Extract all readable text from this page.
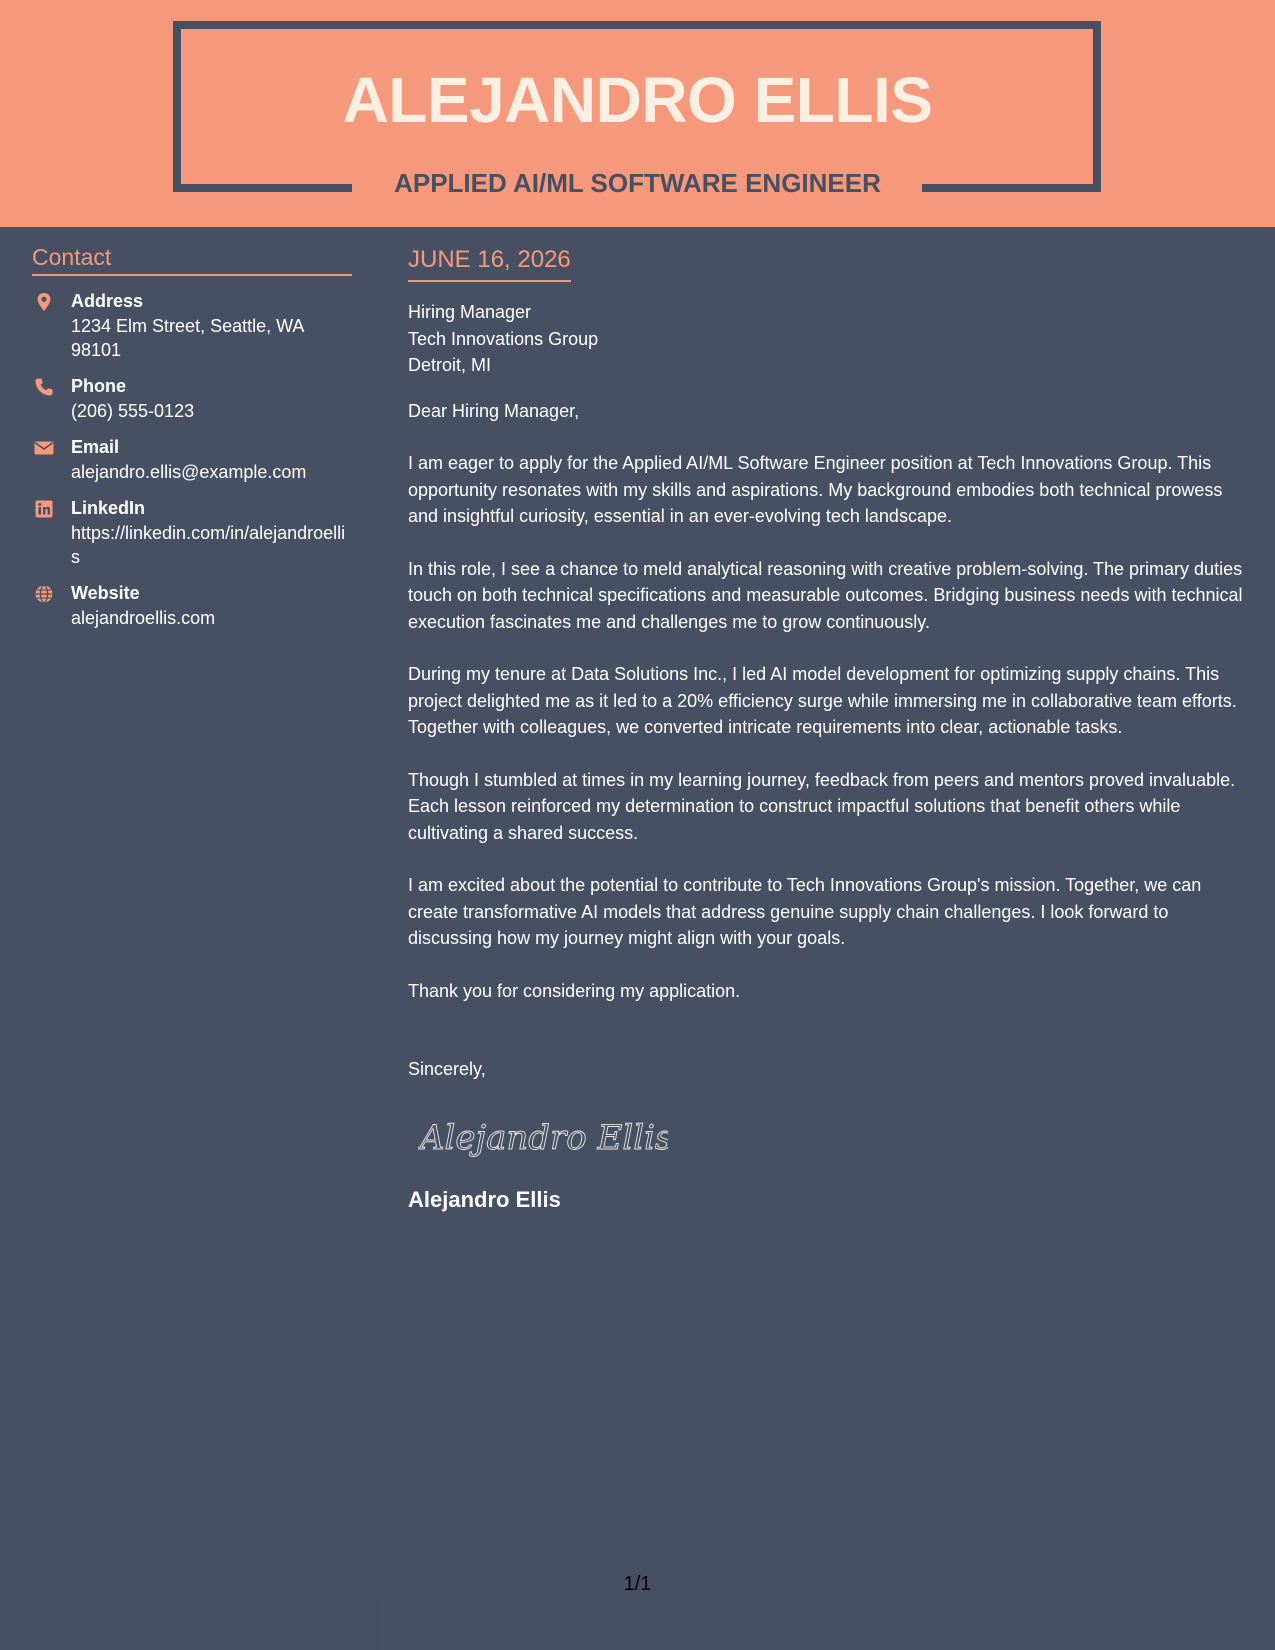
ALEJANDRO ELLIS
APPLIED AI/ML SOFTWARE ENGINEER
Contact
Address
1234 Elm Street, Seattle, WA 98101
Phone
(206) 555-0123
Email
alejandro.ellis@example.com
LinkedIn
https://linkedin.com/in/alejandroellis
Website
alejandroellis.com
JUNE 16, 2026
Hiring Manager
Tech Innovations Group
Detroit, MI
Dear Hiring Manager,
I am eager to apply for the Applied AI/ML Software Engineer position at Tech Innovations Group. This opportunity resonates with my skills and aspirations. My background embodies both technical prowess and insightful curiosity, essential in an ever-evolving tech landscape.
In this role, I see a chance to meld analytical reasoning with creative problem-solving. The primary duties touch on both technical specifications and measurable outcomes. Bridging business needs with technical execution fascinates me and challenges me to grow continuously.
During my tenure at Data Solutions Inc., I led AI model development for optimizing supply chains. This project delighted me as it led to a 20% efficiency surge while immersing me in collaborative team efforts. Together with colleagues, we converted intricate requirements into clear, actionable tasks.
Though I stumbled at times in my learning journey, feedback from peers and mentors proved invaluable. Each lesson reinforced my determination to construct impactful solutions that benefit others while cultivating a shared success.
I am excited about the potential to contribute to Tech Innovations Group's mission. Together, we can create transformative AI models that address genuine supply chain challenges. I look forward to discussing how my journey might align with your goals.
Thank you for considering my application.
Sincerely,
Alejandro Ellis
Alejandro Ellis
1/1
